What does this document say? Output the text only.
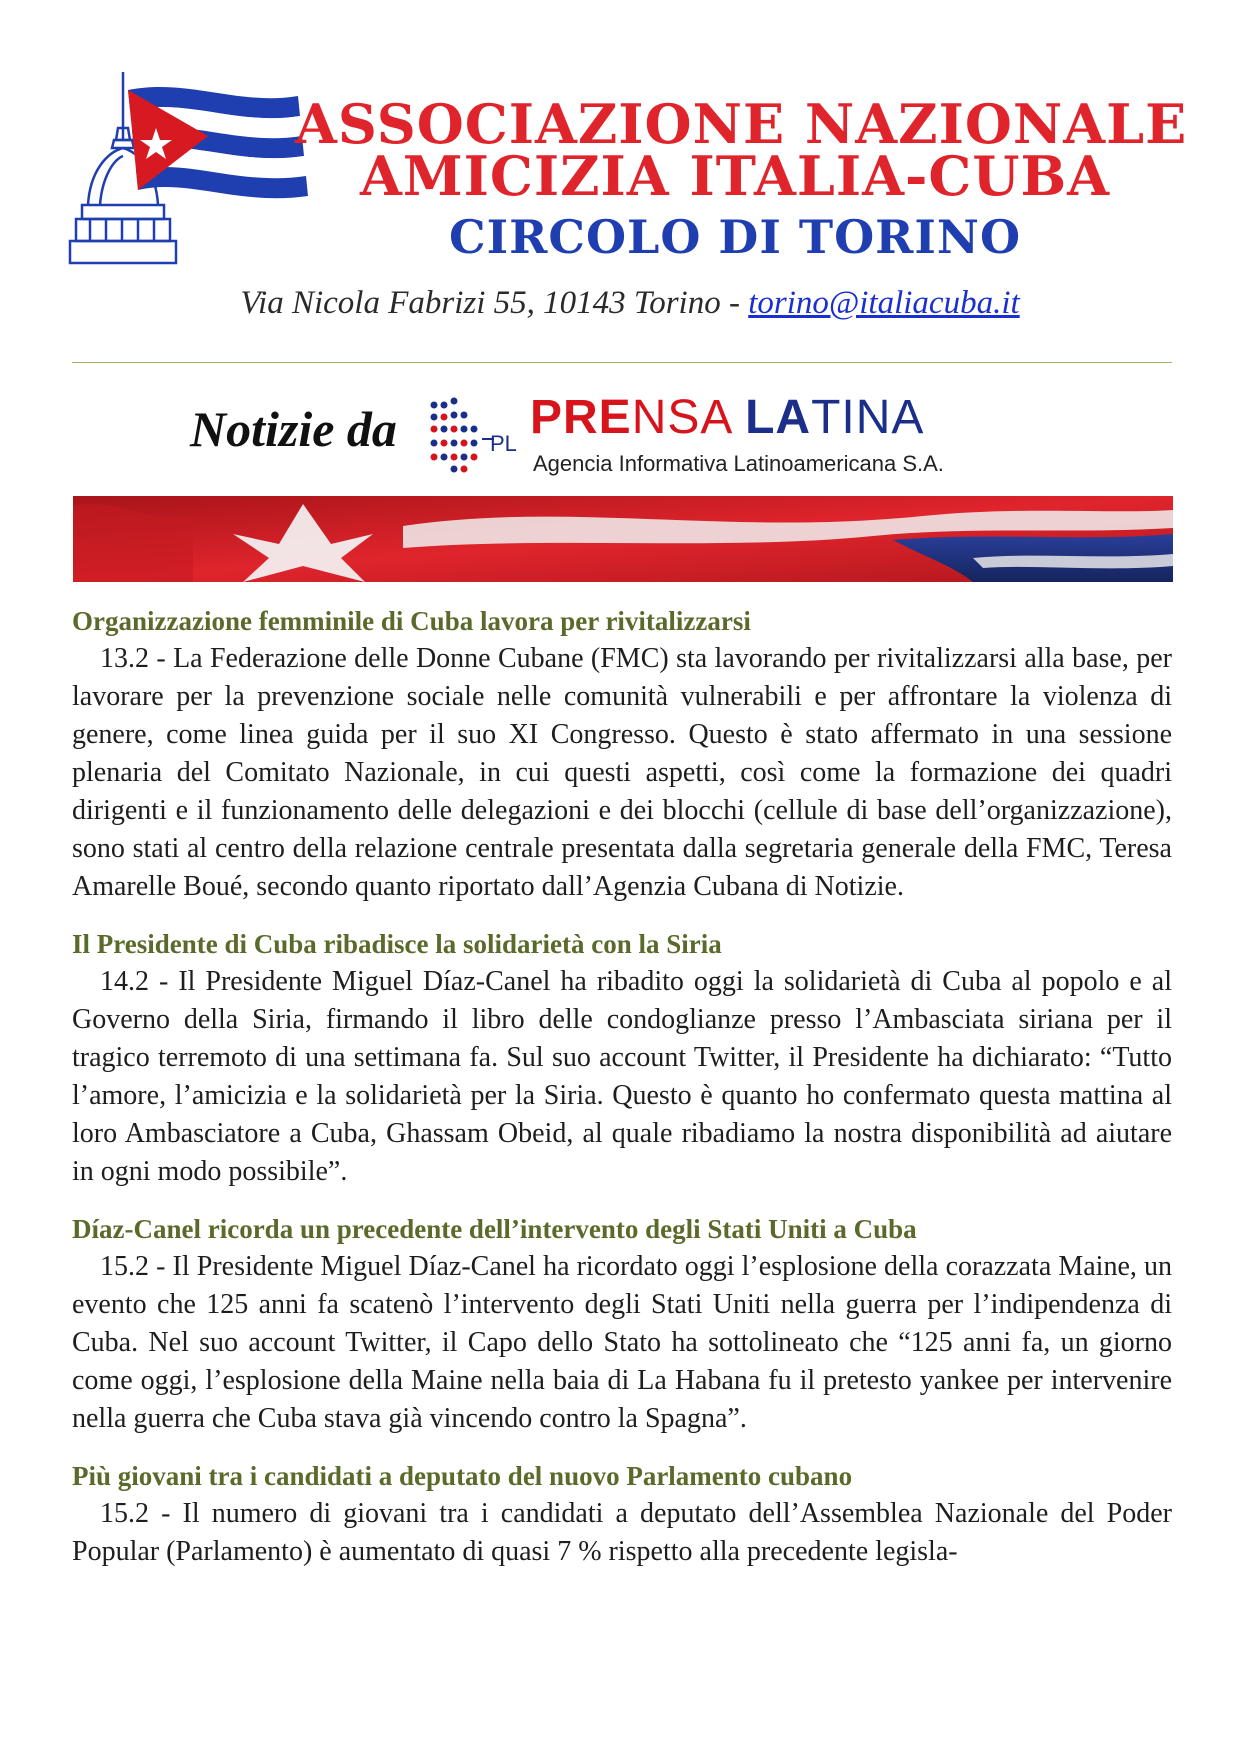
ASSOCIAZIONE NAZIONALE
AMICIZIA ITALIA-CUBA
CIRCOLO DI TORINO
Via Nicola Fabrizi 55, 10143 Torino - torino@italiacuba.it
Notizie da	PL PRENSA LATINA
Agencia Informativa Latinoamericana S.A.
Organizzazione femminile di Cuba lavora per rivitalizzarsi

13.2 - La Federazione delle Donne Cubane (FMC) sta lavorando per rivitalizzarsi alla base, per lavorare per la prevenzione sociale nelle comunità vulnerabili e per affrontare la violenza di genere, come linea guida per il suo XI Congresso. Questo è stato affermato in una sessione plenaria del Comitato Nazionale, in cui questi aspetti, così come la formazione dei quadri dirigenti e il funzionamento delle delegazioni e dei blocchi (cellule di base dell’organizzazione), sono stati al centro della relazione centrale presentata dalla segretaria generale della FMC, Teresa Amarelle Boué, secondo quanto riportato dall’Agenzia Cubana di Notizie.

Il Presidente di Cuba ribadisce la solidarietà con la Siria

14.2 - Il Presidente Miguel Díaz-Canel ha ribadito oggi la solidarietà di Cuba al popolo e al Governo della Siria, firmando il libro delle condoglianze presso l’Ambasciata siriana per il tragico terremoto di una settimana fa. Sul suo account Twitter, il Presidente ha dichiarato: “Tutto l’amore, l’amicizia e la solidarietà per la Siria. Questo è quanto ho confermato questa mattina al loro Ambasciatore a Cuba, Ghassam Obeid, al quale ribadiamo la nostra disponibilità ad aiutare in ogni modo possibile”.

Díaz-Canel ricorda un precedente dell’intervento degli Stati Uniti a Cuba

15.2 - Il Presidente Miguel Díaz-Canel ha ricordato oggi l’esplosione della corazzata Maine, un evento che 125 anni fa scatenò l’intervento degli Stati Uniti nella guerra per l’indipendenza di Cuba. Nel suo account Twitter, il Capo dello Stato ha sottolineato che “125 anni fa, un giorno come oggi, l’esplosione della Maine nella baia di La Habana fu il pretesto yankee per intervenire nella guerra che Cuba stava già vincendo contro la Spagna”.

Più giovani tra i candidati a deputato del nuovo Parlamento cubano

15.2 - Il numero di giovani tra i candidati a deputato dell’Assemblea Nazionale del Poder Popular (Parlamento) è aumentato di quasi 7 % rispetto alla precedente legisla-
